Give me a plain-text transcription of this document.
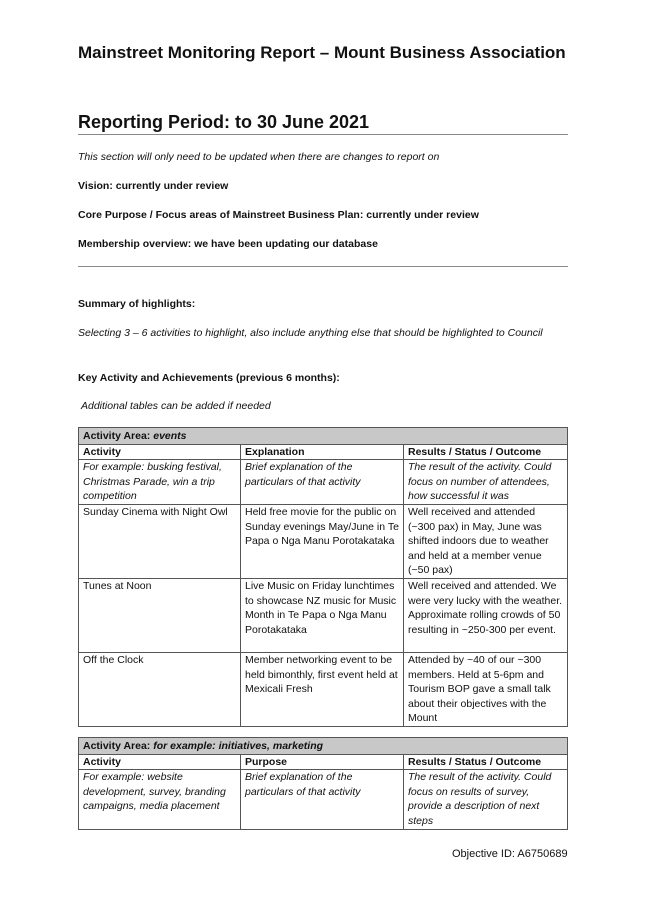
Mainstreet Monitoring Report – Mount Business Association
Reporting Period: to 30 June 2021
This section will only need to be updated when there are changes to report on
Vision: currently under review
Core Purpose / Focus areas of Mainstreet Business Plan: currently under review
Membership overview: we have been updating our database
Summary of highlights:
Selecting 3 – 6 activities to highlight, also include anything else that should be highlighted to Council
Key Activity and Achievements (previous 6 months):
Additional tables can be added if needed
Activity Area: events		
Activity	Explanation	Results / Status / Outcome
For example: busking festival, Christmas Parade, win a trip competition	Brief explanation of the particulars of that activity	The result of the activity. Could focus on number of attendees, how successful it was
Sunday Cinema with Night Owl	Held free movie for the public on Sunday evenings May/June in Te Papa o Nga Manu Porotakataka	Well received and attended (~300 pax) in May, June was shifted indoors due to weather and held at a member venue (~50 pax)
Tunes at Noon	Live Music on Friday lunchtimes to showcase NZ music for Music Month in Te Papa o Nga Manu Porotakataka	Well received and attended. We were very lucky with the weather. Approximate rolling crowds of 50 resulting in ~250-300 per event.
Off the Clock	Member networking event to be held bimonthly, first event held at Mexicali Fresh	Attended by ~40 of our ~300 members. Held at 5-6pm and Tourism BOP gave a small talk about their objectives with the Mount
Activity Area: for example: initiatives, marketing		
Activity	Purpose	Results / Status / Outcome
For example: website development, survey, branding campaigns, media placement	Brief explanation of the particulars of that activity	The result of the activity. Could focus on results of survey, provide a description of next steps
Objective ID: A6750689
